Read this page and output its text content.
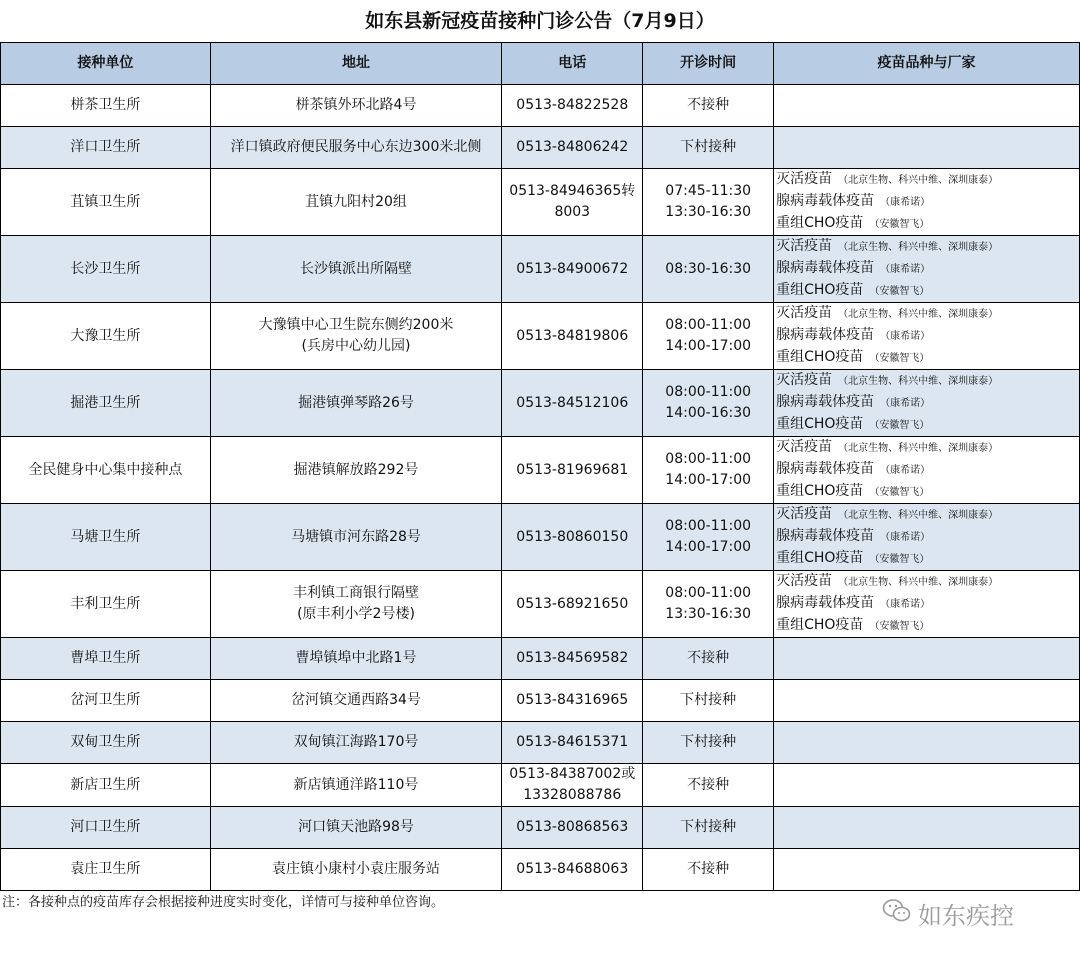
如东县新冠疫苗接种门诊公告（7月9日）
接种单位	地址	电话	开诊时间	疫苗品种与厂家
栟茶卫生所	栟茶镇外环北路4号	0513-84822528	不接种	

洋口卫生所	洋口镇政府便民服务中心东边300米北侧	0513-84806242	下村接种	

苴镇卫生所	苴镇九阳村20组	0513-84946365转
8003	07:45-11:30
13:30-16:30	灭活疫苗 （北京生物、科兴中维、深圳康泰）
腺病毒载体疫苗 （康希诺）
重组CHO疫苗 （安徽智飞）

长沙卫生所	长沙镇派出所隔壁	0513-84900672	08:30-16:30	灭活疫苗 （北京生物、科兴中维、深圳康泰）
腺病毒载体疫苗 （康希诺）
重组CHO疫苗 （安徽智飞）

大豫卫生所	大豫镇中心卫生院东侧约200米
(兵房中心幼儿园)	0513-84819806	08:00-11:00
14:00-17:00	灭活疫苗 （北京生物、科兴中维、深圳康泰）
腺病毒载体疫苗 （康希诺）
重组CHO疫苗 （安徽智飞）

掘港卫生所	掘港镇弹琴路26号	0513-84512106	08:00-11:00
14:00-16:30	灭活疫苗 （北京生物、科兴中维、深圳康泰）
腺病毒载体疫苗 （康希诺）
重组CHO疫苗 （安徽智飞）

全民健身中心集中接种点	掘港镇解放路292号	0513-81969681	08:00-11:00
14:00-17:00	灭活疫苗 （北京生物、科兴中维、深圳康泰）
腺病毒载体疫苗 （康希诺）
重组CHO疫苗 （安徽智飞）

马塘卫生所	马塘镇市河东路28号	0513-80860150	08:00-11:00
14:00-17:00	灭活疫苗 （北京生物、科兴中维、深圳康泰）
腺病毒载体疫苗 （康希诺）
重组CHO疫苗 （安徽智飞）

丰利卫生所	丰利镇工商银行隔壁
(原丰利小学2号楼)	0513-68921650	08:00-11:00
13:30-16:30	灭活疫苗 （北京生物、科兴中维、深圳康泰）
腺病毒载体疫苗 （康希诺）
重组CHO疫苗 （安徽智飞）

曹埠卫生所	曹埠镇埠中北路1号	0513-84569582	不接种	

岔河卫生所	岔河镇交通西路34号	0513-84316965	下村接种	

双甸卫生所	双甸镇江海路170号	0513-84615371	下村接种	

新店卫生所	新店镇通洋路110号	0513-84387002或
13328088786	不接种	

河口卫生所	河口镇天池路98号	0513-80868563	下村接种	

袁庄卫生所	袁庄镇小康村小袁庄服务站	0513-84688063	不接种	

注：各接种点的疫苗库存会根据接种进度实时变化，详情可与接种单位咨询。	如东疾控
